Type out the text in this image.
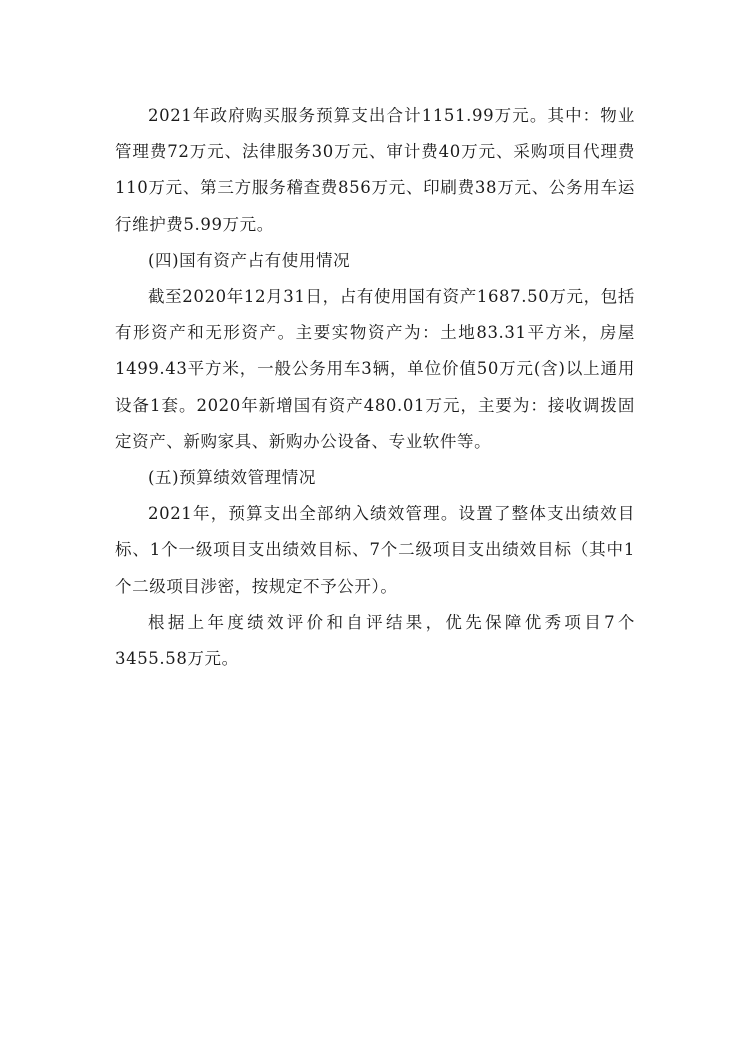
2021年政府购买服务预算支出合计1151.99万元。其中：物业管理费72万元、法律服务30万元、审计费40万元、采购项目代理费110万元、第三方服务稽查费856万元、印刷费38万元、公务用车运行维护费5.99万元。

(四)国有资产占有使用情况

截至2020年12月31日，占有使用国有资产1687.50万元，包括有形资产和无形资产。主要实物资产为：土地83.31平方米，房屋1499.43平方米，一般公务用车3辆，单位价值50万元(含)以上通用设备1套。2020年新增国有资产480.01万元，主要为：接收调拨固定资产、新购家具、新购办公设备、专业软件等。

(五)预算绩效管理情况

2021年，预算支出全部纳入绩效管理。设置了整体支出绩效目标、1个一级项目支出绩效目标、7个二级项目支出绩效目标（其中1个二级项目涉密，按规定不予公开）。

根据上年度绩效评价和自评结果，优先保障优秀项目7个3455.58万元。
